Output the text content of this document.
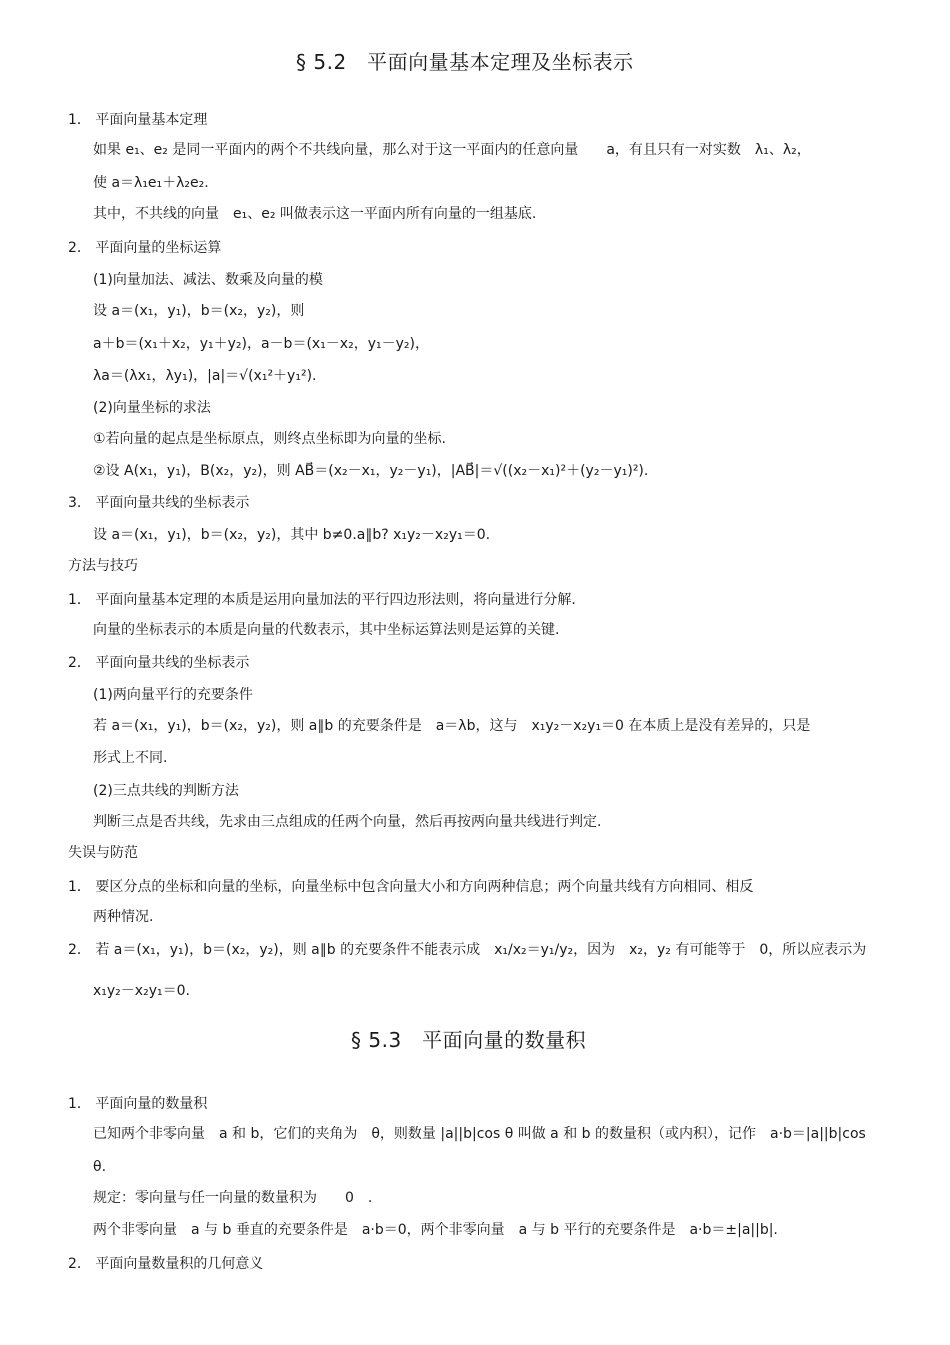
§ 5.2　平面向量基本定理及坐标表示
1． 平面向量基本定理
如果 e₁、e₂ 是同一平面内的两个不共线向量，那么对于这一平面内的任意向量　　a，有且只有一对实数　λ₁、λ₂，
使 a＝λ₁e₁＋λ₂e₂.
其中，不共线的向量　e₁、e₂ 叫做表示这一平面内所有向量的一组基底.
2． 平面向量的坐标运算
(1)向量加法、减法、数乘及向量的模
设 a＝(x₁，y₁)，b＝(x₂，y₂)，则
a＋b＝(x₁＋x₂，y₁＋y₂)，a－b＝(x₁－x₂，y₁－y₂)，
λa＝(λx₁，λy₁)，|a|＝√(x₁²＋y₁²).
(2)向量坐标的求法
①若向量的起点是坐标原点，则终点坐标即为向量的坐标.
②设 A(x₁，y₁)，B(x₂，y₂)，则 AB⃗＝(x₂－x₁，y₂－y₁)，|AB⃗|＝√((x₂－x₁)²＋(y₂－y₁)²).
3． 平面向量共线的坐标表示
设 a＝(x₁，y₁)，b＝(x₂，y₂)，其中 b≠0.a∥b? x₁y₂－x₂y₁＝0.
方法与技巧
1． 平面向量基本定理的本质是运用向量加法的平行四边形法则，将向量进行分解.
向量的坐标表示的本质是向量的代数表示，其中坐标运算法则是运算的关键.
2． 平面向量共线的坐标表示
(1)两向量平行的充要条件
若 a＝(x₁，y₁)，b＝(x₂，y₂)，则 a∥b 的充要条件是　a＝λb，这与　x₁y₂－x₂y₁＝0 在本质上是没有差异的，只是
形式上不同.
(2)三点共线的判断方法
判断三点是否共线，先求由三点组成的任两个向量，然后再按两向量共线进行判定.
失误与防范
1． 要区分点的坐标和向量的坐标，向量坐标中包含向量大小和方向两种信息；两个向量共线有方向相同、相反
两种情况.
2． 若 a＝(x₁，y₁)，b＝(x₂，y₂)，则 a∥b 的充要条件不能表示成　x₁/x₂＝y₁/y₂，因为　x₂，y₂ 有可能等于　0，所以应表示为
x₁y₂－x₂y₁＝0.
§ 5.3　平面向量的数量积
1． 平面向量的数量积
已知两个非零向量　a 和 b，它们的夹角为　θ，则数量 |a||b|cos θ 叫做 a 和 b 的数量积（或内积），记作　a·b＝|a||b|cos
θ.
规定：零向量与任一向量的数量积为　　0　.
两个非零向量　a 与 b 垂直的充要条件是　a·b＝0，两个非零向量　a 与 b 平行的充要条件是　a·b＝±|a||b|.
2． 平面向量数量积的几何意义
